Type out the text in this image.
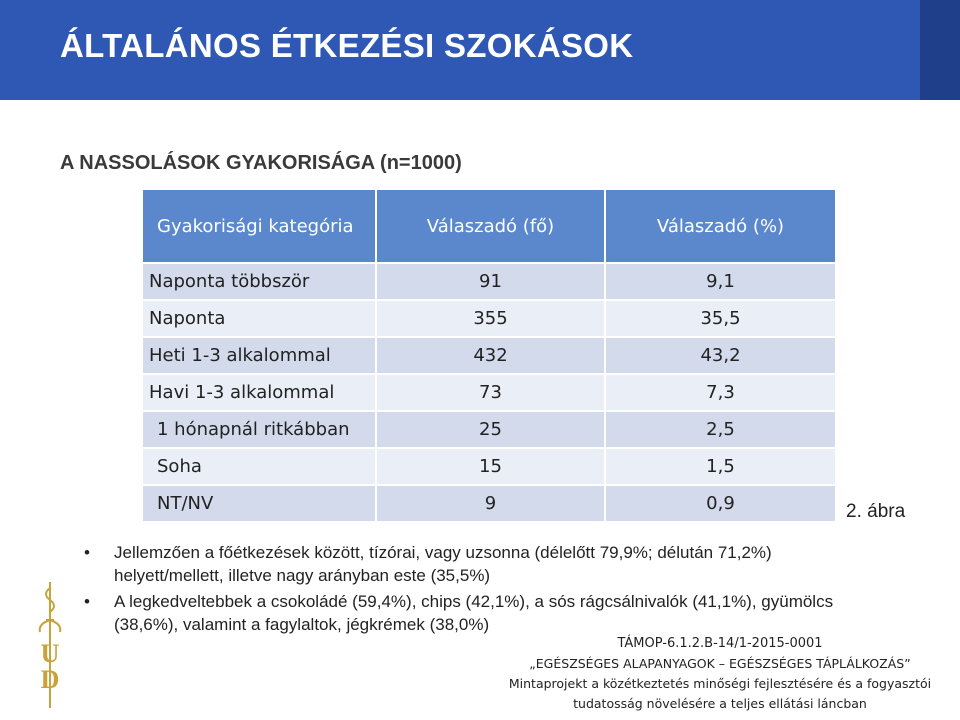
ÁLTALÁNOS ÉTKEZÉSI SZOKÁSOK
A NASSOLÁSOK GYAKORISÁGA (n=1000)
Gyakorisági kategória	Válaszadó (fő)	Válaszadó (%)
Naponta többször	91	9,1
Naponta	355	35,5
Heti 1-3 alkalommal	432	43,2
Havi 1-3 alkalommal	73	7,3
1 hónapnál ritkábban	25	2,5
Soha	15	1,5
NT/NV	9	0,9	2. ábra
• Jellemzően a főétkezések között, tízórai, vagy uzsonna (délelőtt 79,9%; délután 71,2%) helyett/mellett, illetve nagy arányban este (35,5%)
• A legkedveltebbek a csokoládé (59,4%), chips (42,1%), a sós rágcsálnivalók (41,1%), gyümölcs (38,6%), valamint a fagylaltok, jégkrémek (38,0%)
U
D
TÁMOP-6.1.2.B-14/1-2015-0001
„EGÉSZSÉGES ALAPANYAGOK – EGÉSZSÉGES TÁPLÁLKOZÁS”
Mintaprojekt a közétkeztetés minőségi fejlesztésére és a fogyasztói
tudatosság növelésére a teljes ellátási láncban
